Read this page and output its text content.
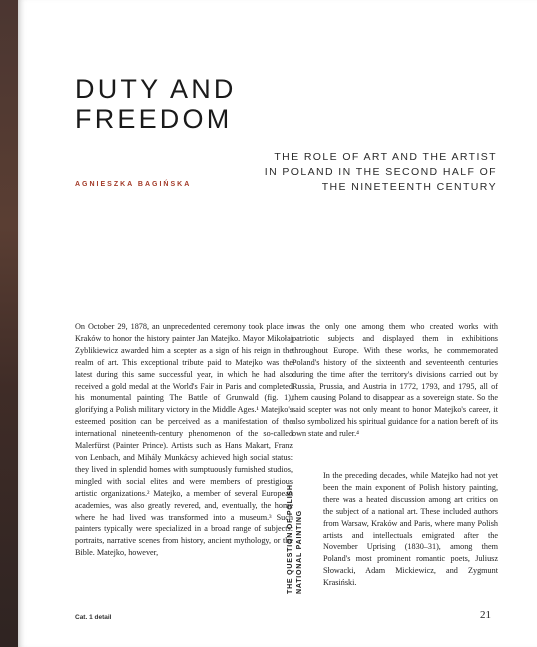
DUTY AND
FREEDOM
THE ROLE OF ART AND THE ARTIST
IN POLAND IN THE SECOND HALF OF
THE NINETEENTH CENTURY
AGNIESZKA BAGIŃSKA

On October 29, 1878, an unprecedented ceremony took place in Kraków to honor the history painter Jan Matejko. Mayor Mikołaj Zyblikiewicz awarded him a scepter as a sign of his reign in the realm of art. This exceptional tribute paid to Matejko was the latest during this same successful year, in which he had also received a gold medal at the World's Fair in Paris and completed his monumental painting The Battle of Grunwald (fig. 1), glorifying a Polish military victory in the Middle Ages.¹ Matejko's esteemed position can be perceived as a manifestation of the international nineteenth-century phenomenon of the so-called Malerfürst (Painter Prince). Artists such as Hans Makart, Franz von Lenbach, and Mihály Munkácsy achieved high social status: they lived in splendid homes with sumptuously furnished studios, mingled with social elites and were members of prestigious artistic organizations.² Matejko, a member of several European academies, was also greatly revered, and, eventually, the home where he had lived was transformed into a museum.³ Such painters typically were specialized in a broad range of subjects: portraits, narrative scenes from history, ancient mythology, or the Bible. Matejko, however,

was the only one among them who created works with patriotic subjects and displayed them in exhibitions throughout Europe. With these works, he commemorated Poland's history of the sixteenth and seventeenth centuries during the time after the territory's divisions carried out by Russia, Prussia, and Austria in 1772, 1793, and 1795, all of them causing Poland to disappear as a sovereign state. So the said scepter was not only meant to honor Matejko's career, it also symbolized his spiritual guidance for a nation bereft of its own state and ruler.⁴

THE QUESTION OF POLISH NATIONAL PAINTING

In the preceding decades, while Matejko had not yet been the main exponent of Polish history painting, there was a heated discussion among art critics on the subject of a national art. These included authors from Warsaw, Kraków and Paris, where many Polish artists and intellectuals emigrated after the November Uprising (1830–31), among them Poland's most prominent romantic poets, Juliusz Słowacki, Adam Mickiewicz, and Zygmunt Krasiński.

Cat. 1 detail	21
